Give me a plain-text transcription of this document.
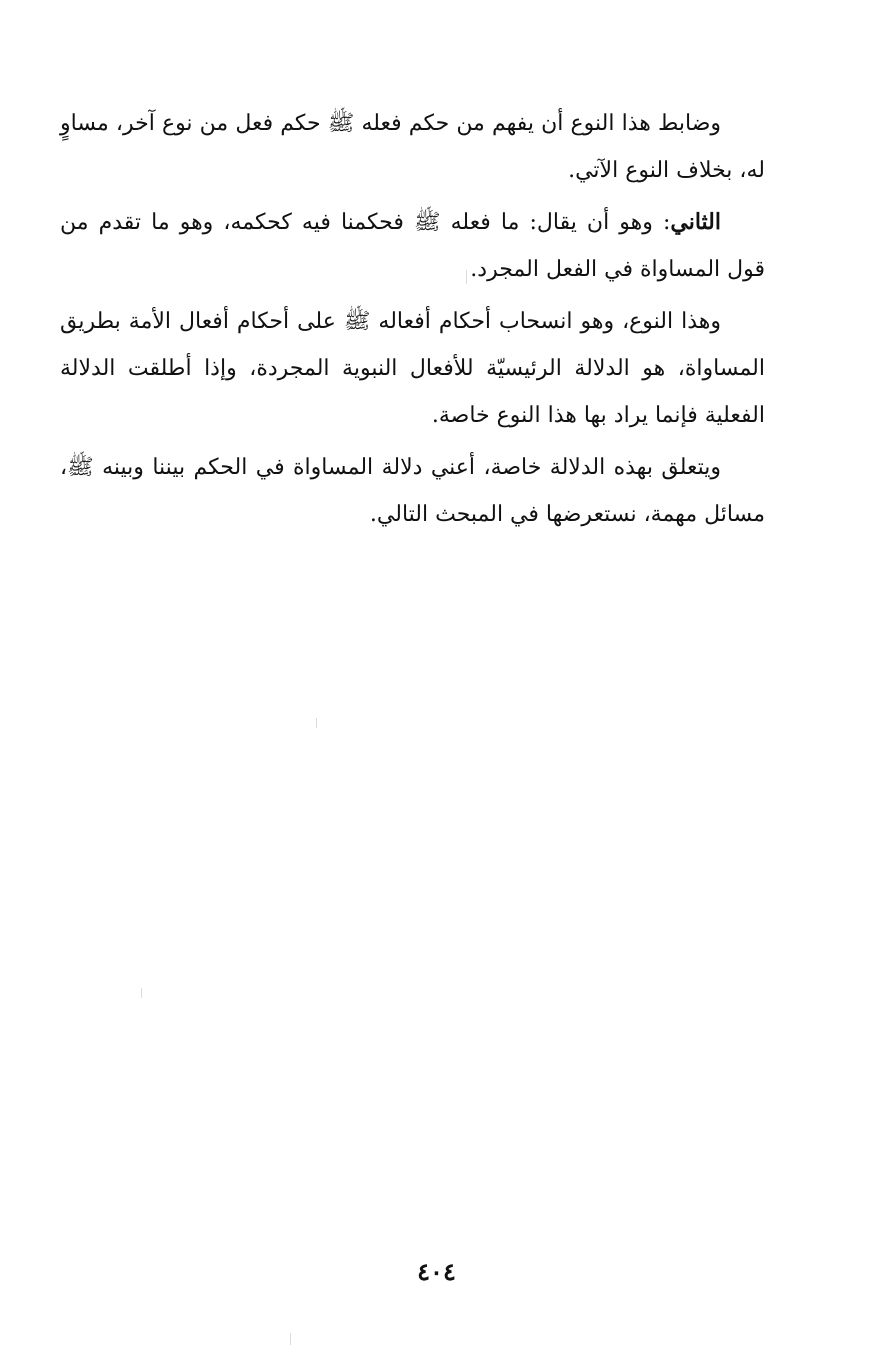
وضابط هذا النوع أن يفهم من حكم فعله ﷺ حكم فعل من نوع آخر، مساوٍ له، بخلاف النوع الآتي.

الثاني: وهو أن يقال: ما فعله ﷺ فحكمنا فيه كحكمه، وهو ما تقدم من قول المساواة في الفعل المجرد.

وهذا النوع، وهو انسحاب أحكام أفعاله ﷺ على أحكام أفعال الأمة بطريق المساواة، هو الدلالة الرئيسيّة للأفعال النبوية المجردة، وإذا أطلقت الدلالة الفعلية فإنما يراد بها هذا النوع خاصة.

ويتعلق بهذه الدلالة خاصة، أعني دلالة المساواة في الحكم بيننا وبينه ﷺ، مسائل مهمة، نستعرضها في المبحث التالي.

٤٠٤
